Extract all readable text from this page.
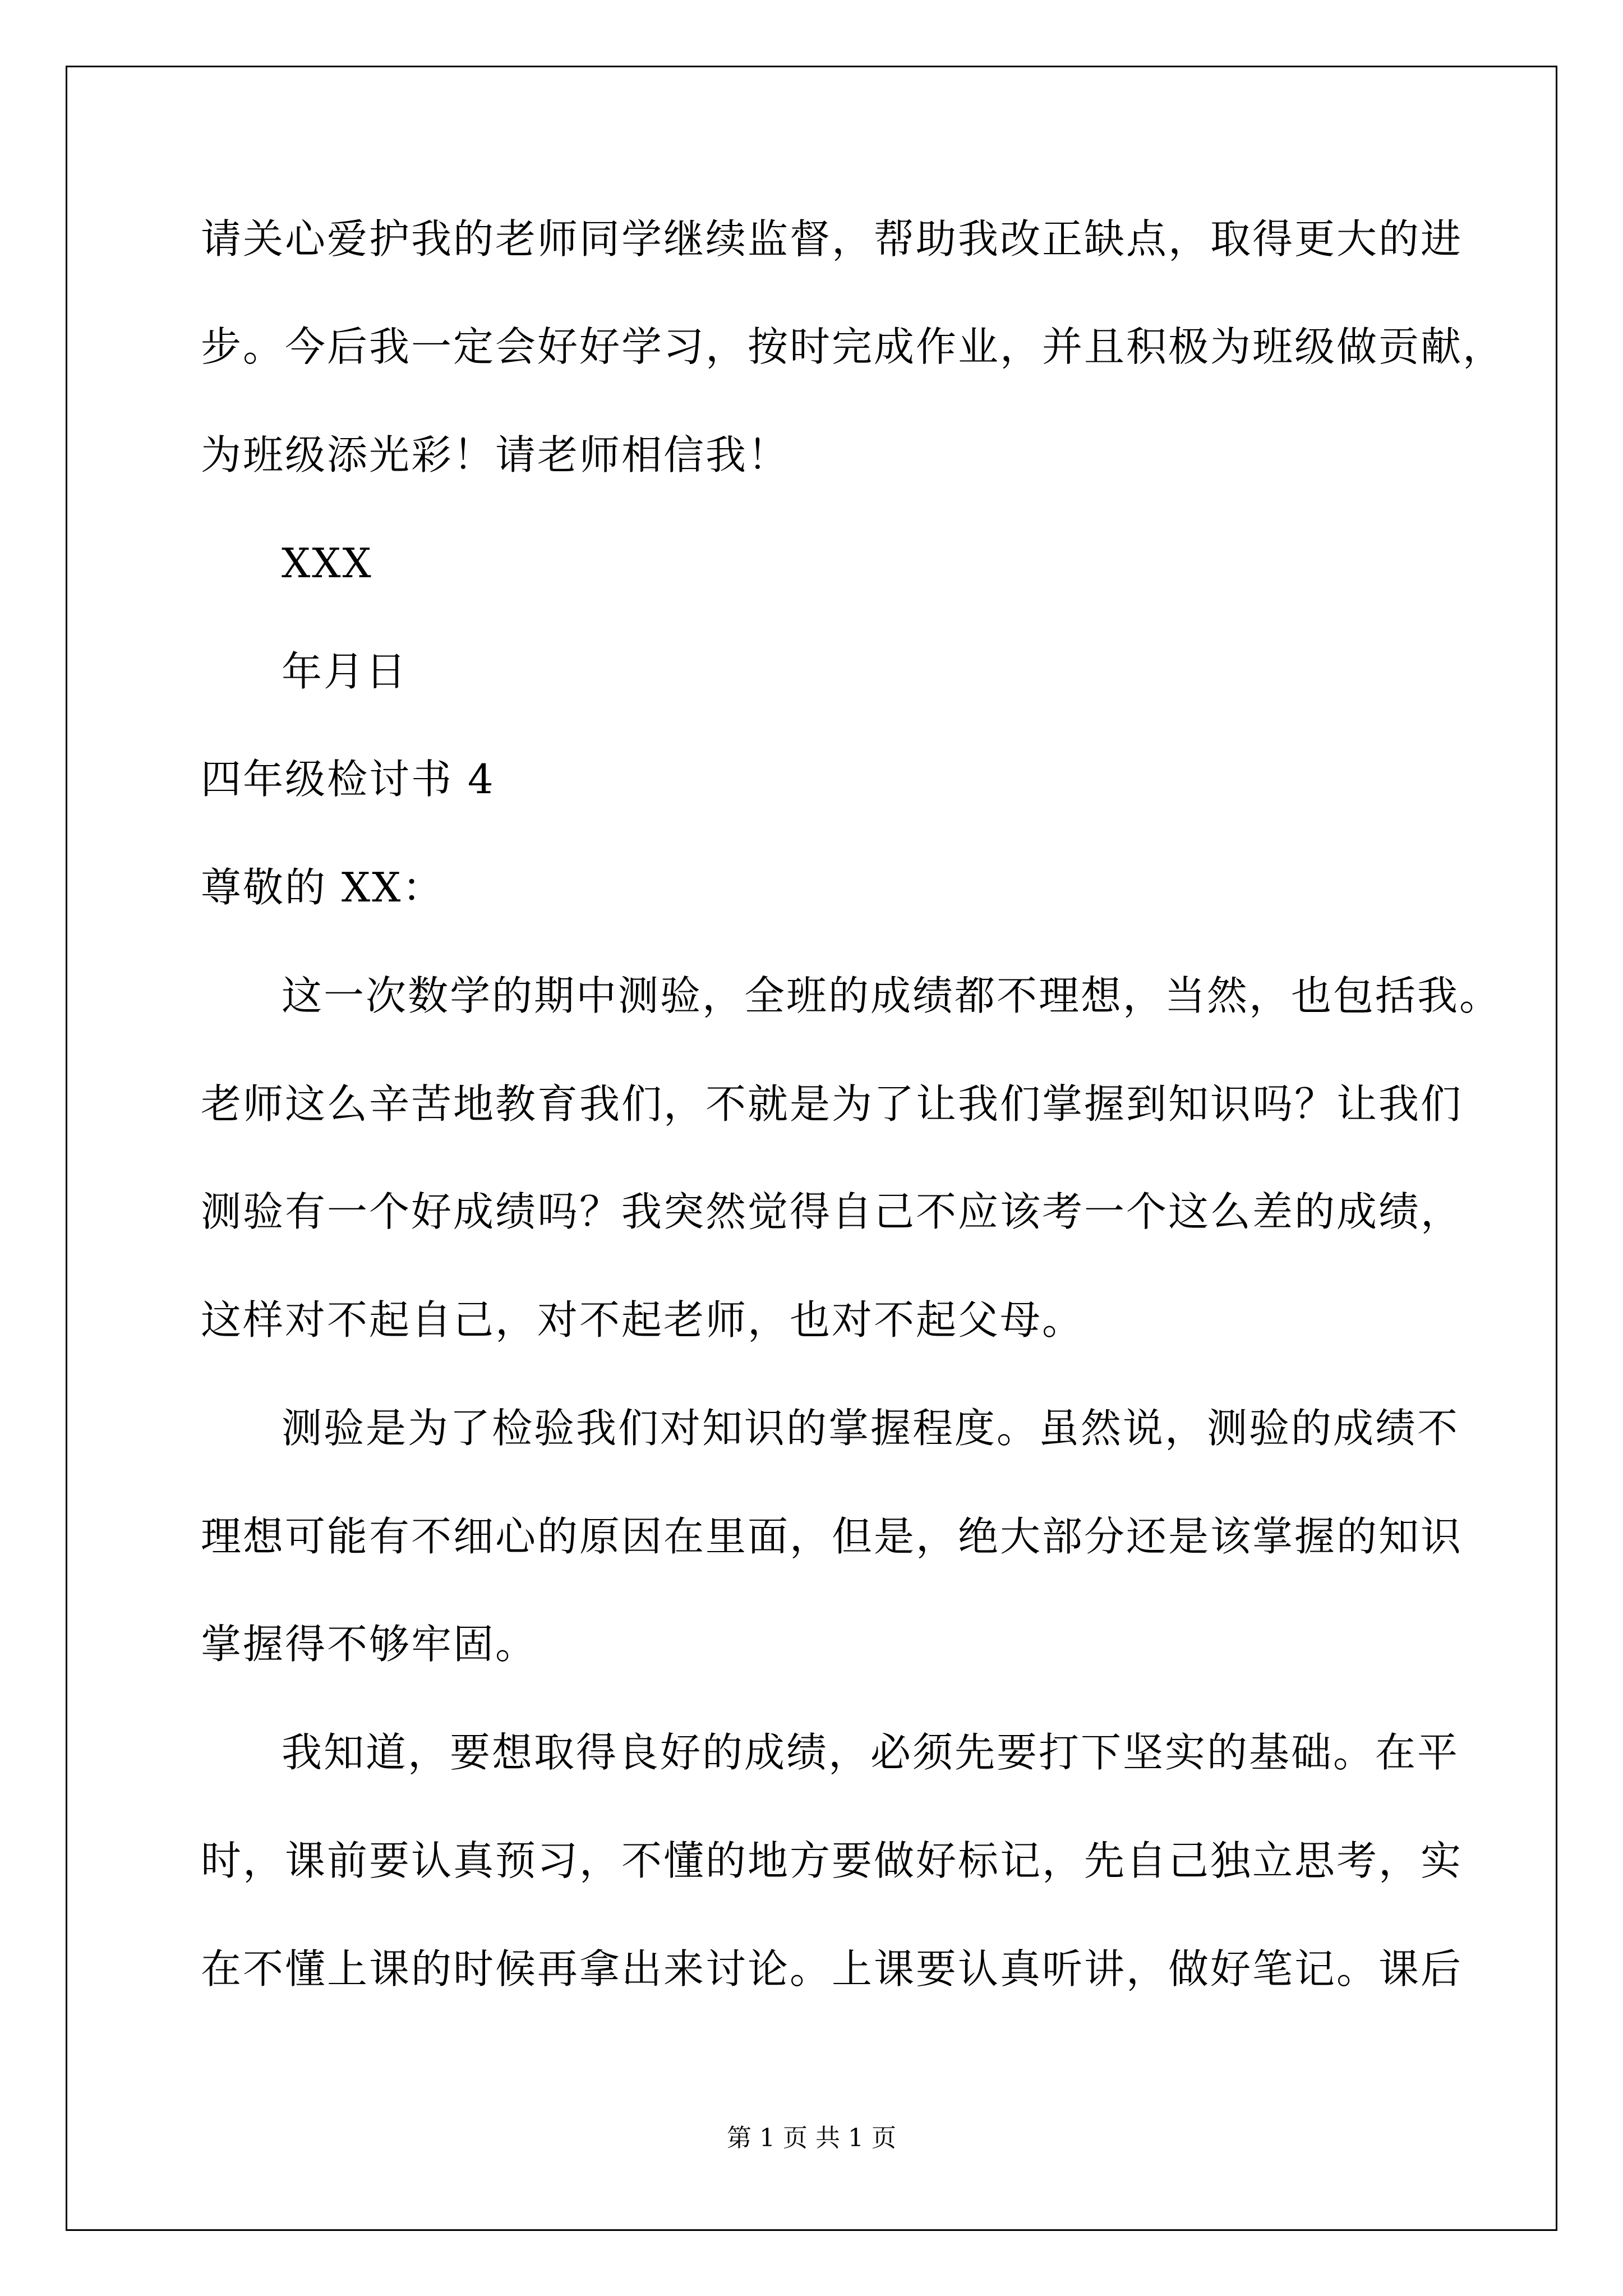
请关心爱护我的老师同学继续监督，帮助我改正缺点，取得更大的进
步。今后我一定会好好学习，按时完成作业，并且积极为班级做贡献，
为班级添光彩！请老师相信我！
XXX
年月日
四年级检讨书 4
尊敬的 XX：
这一次数学的期中测验，全班的成绩都不理想，当然，也包括我。
老师这么辛苦地教育我们，不就是为了让我们掌握到知识吗？让我们
测验有一个好成绩吗？我突然觉得自己不应该考一个这么差的成绩，
这样对不起自己，对不起老师，也对不起父母。
测验是为了检验我们对知识的掌握程度。虽然说，测验的成绩不
理想可能有不细心的原因在里面，但是，绝大部分还是该掌握的知识
掌握得不够牢固。
我知道，要想取得良好的成绩，必须先要打下坚实的基础。在平
时，课前要认真预习，不懂的地方要做好标记，先自己独立思考，实
在不懂上课的时候再拿出来讨论。上课要认真听讲，做好笔记。课后
第 1 页 共 1 页
